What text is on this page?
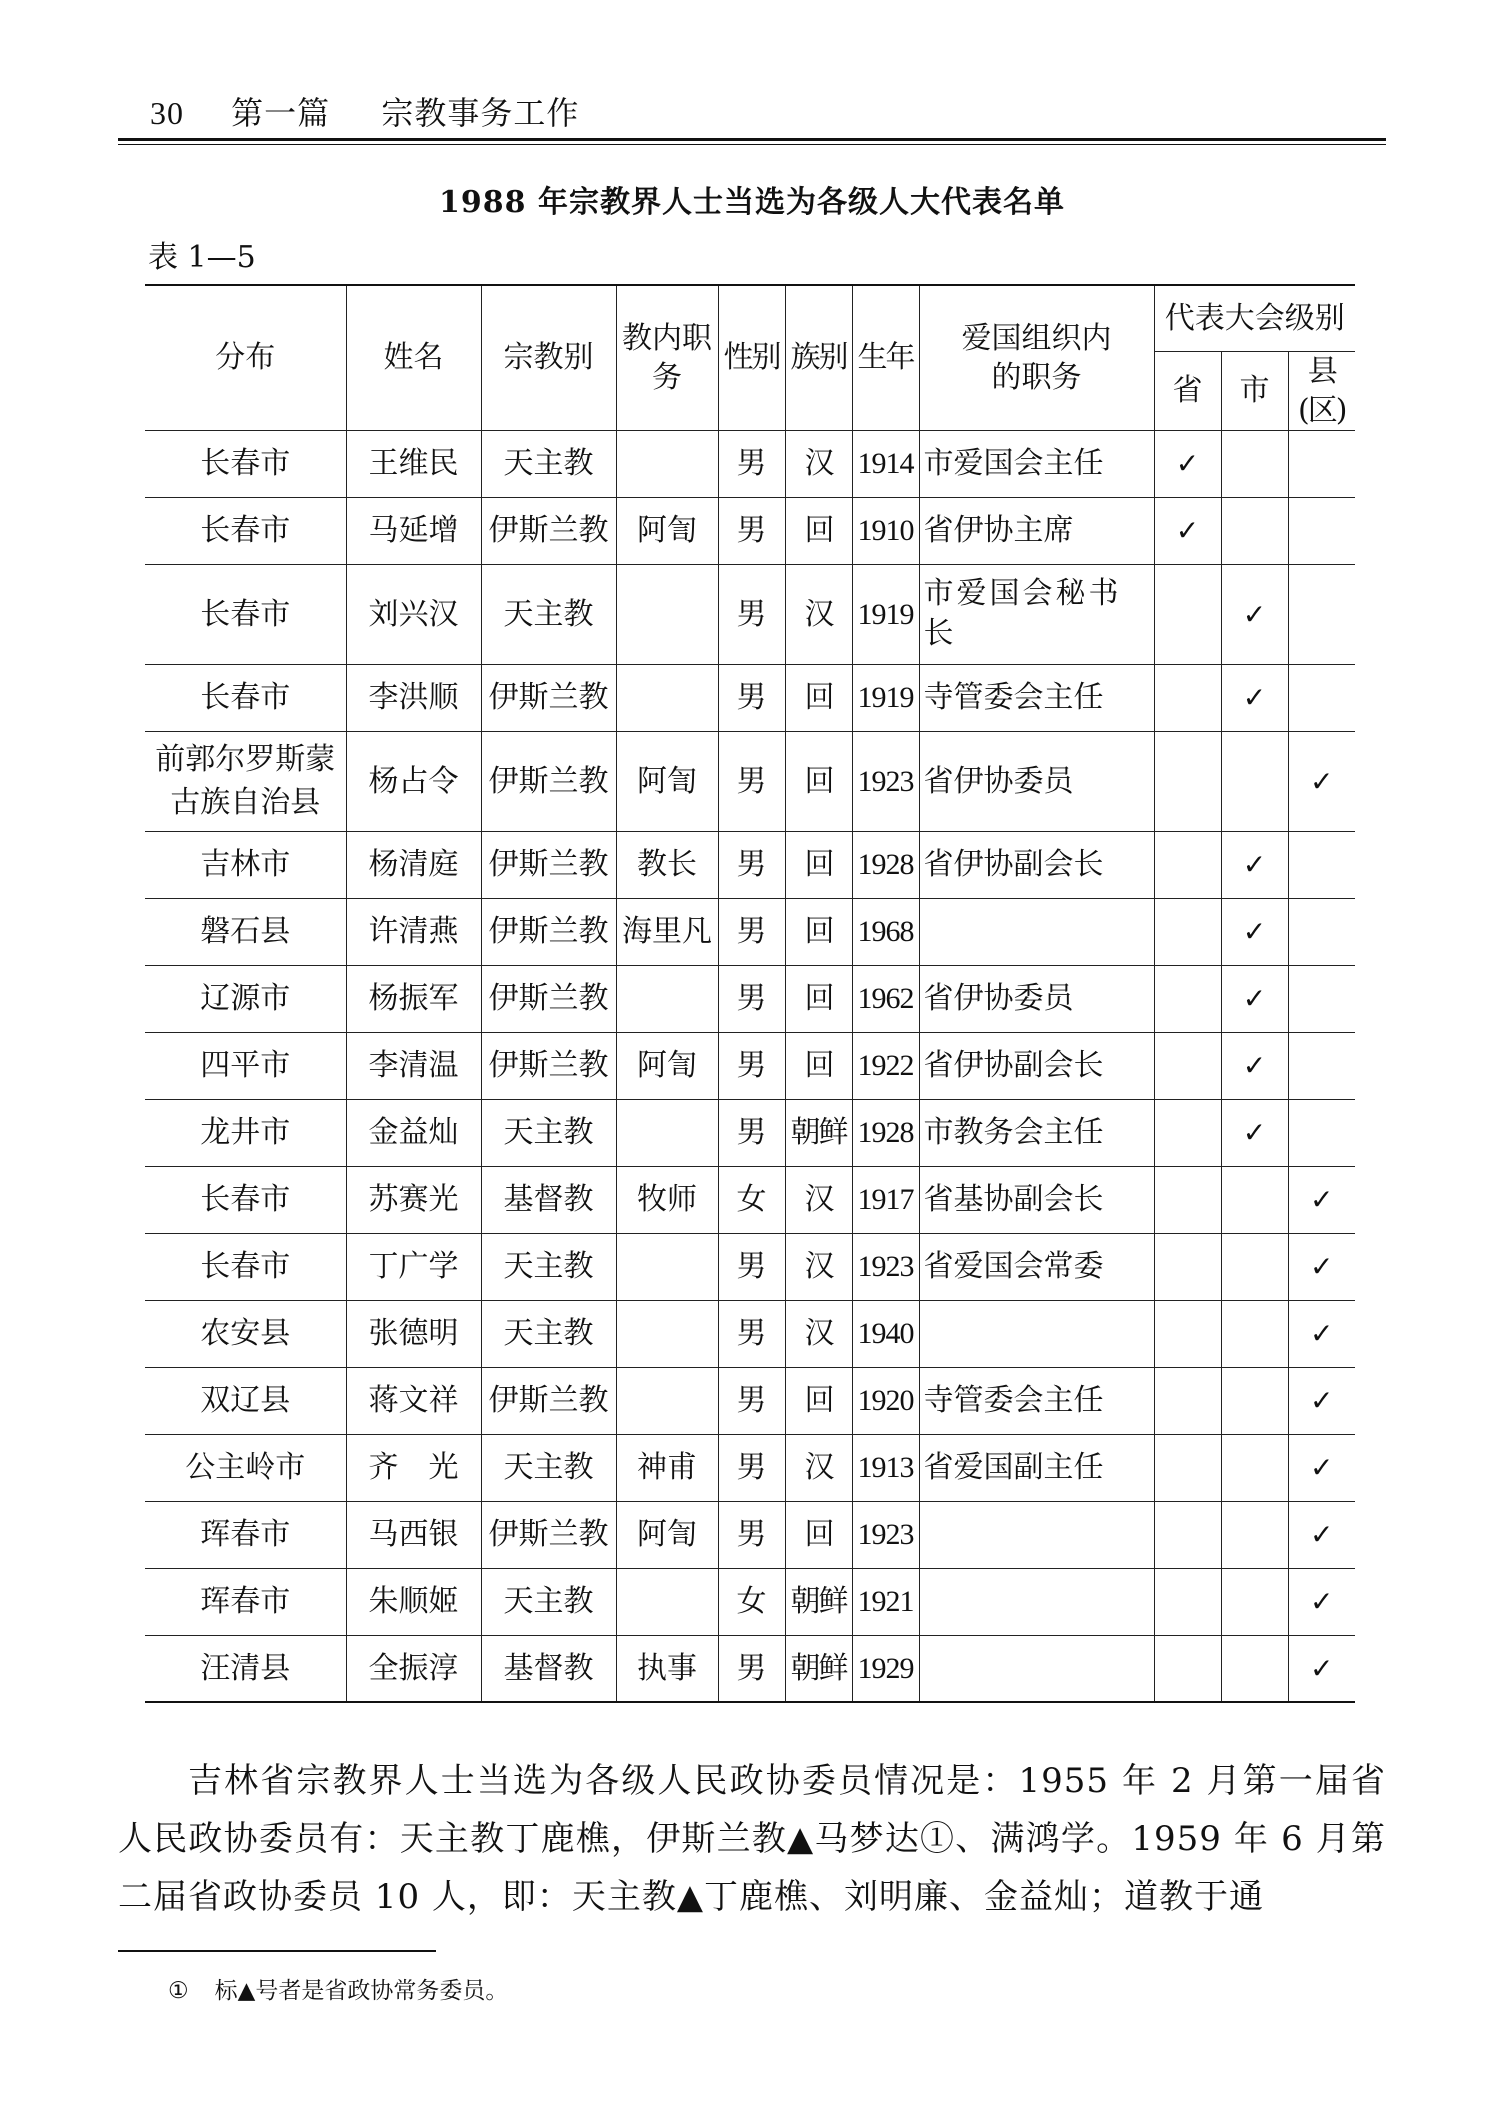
30 第一篇 宗教事务工作
1988 年宗教界人士当选为各级人大代表名单
表 1—5
分布	姓名	宗教别	教内职务	性别	族别	生年	爱国组织内的职务	代表大会级别		
								省	市	县(区)
长春市	王维民	天主教		男	汉	1914	市爱国会主任	✓		
长春市	马延增	伊斯兰教	阿訇	男	回	1910	省伊协主席	✓		
长春市	刘兴汉	天主教		男	汉	1919	市爱国会秘书长		✓	
长春市	李洪顺	伊斯兰教		男	回	1919	寺管委会主任		✓	
前郭尔罗斯蒙古族自治县	杨占令	伊斯兰教	阿訇	男	回	1923	省伊协委员			✓
吉林市	杨清庭	伊斯兰教	教长	男	回	1928	省伊协副会长		✓	
磐石县	许清燕	伊斯兰教	海里凡	男	回	1968			✓	
辽源市	杨振军	伊斯兰教		男	回	1962	省伊协委员		✓	
四平市	李清温	伊斯兰教	阿訇	男	回	1922	省伊协副会长		✓	
龙井市	金益灿	天主教		男	朝鲜	1928	市教务会主任		✓	
长春市	苏赛光	基督教	牧师	女	汉	1917	省基协副会长			✓
长春市	丁广学	天主教		男	汉	1923	省爱国会常委			✓
农安县	张德明	天主教		男	汉	1940				✓
双辽县	蒋文祥	伊斯兰教		男	回	1920	寺管委会主任			✓
公主岭市	齐　光	天主教	神甫	男	汉	1913	省爱国副主任			✓
珲春市	马西银	伊斯兰教	阿訇	男	回	1923				✓
珲春市	朱顺姬	天主教		女	朝鲜	1921				✓
汪清县	全振淳	基督教	执事	男	朝鲜	1929				✓

吉林省宗教界人士当选为各级人民政协委员情况是：1955 年 2 月第一届省人民政协委员有：天主教丁鹿樵，伊斯兰教▲马梦达①、满鸿学。1959 年 6 月第二届省政协委员 10 人，即：天主教▲丁鹿樵、刘明廉、金益灿；道教于通

① 标▲号者是省政协常务委员。
